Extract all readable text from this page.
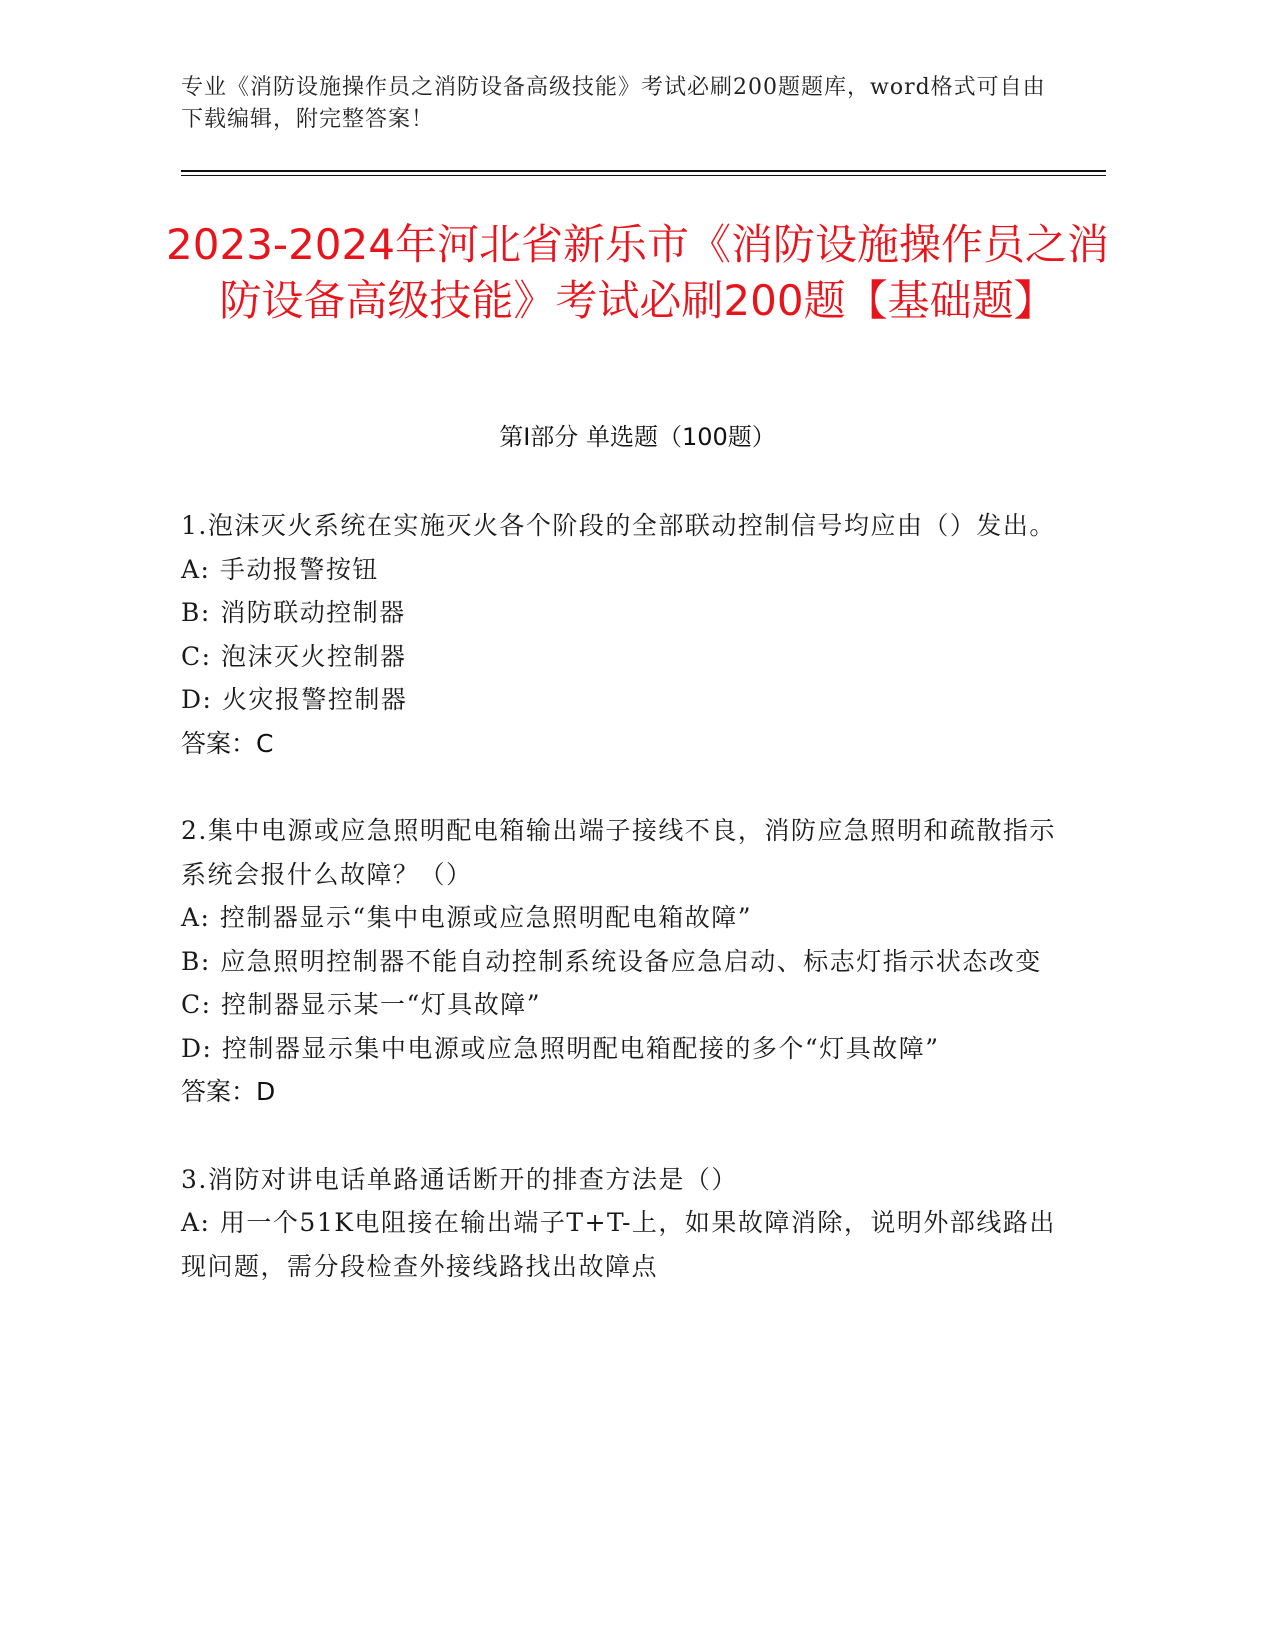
专业《消防设施操作员之消防设备高级技能》考试必刷200题题库，word格式可自由下载编辑，附完整答案！
2023-2024年河北省新乐市《消防设施操作员之消防设备高级技能》考试必刷200题【基础题】
第Ⅰ部分 单选题（100题）
1.泡沫灭火系统在实施灭火各个阶段的全部联动控制信号均应由（）发出。
A: 手动报警按钮
B: 消防联动控制器
C: 泡沫灭火控制器
D: 火灾报警控制器
答案：C
2.集中电源或应急照明配电箱输出端子接线不良，消防应急照明和疏散指示系统会报什么故障？（）
A: 控制器显示“集中电源或应急照明配电箱故障”
B: 应急照明控制器不能自动控制系统设备应急启动、标志灯指示状态改变
C: 控制器显示某一“灯具故障”
D: 控制器显示集中电源或应急照明配电箱配接的多个“灯具故障”
答案：D
3.消防对讲电话单路通话断开的排查方法是（）
A: 用一个51K电阻接在输出端子T+T-上，如果故障消除，说明外部线路出现问题，需分段检查外接线路找出故障点
